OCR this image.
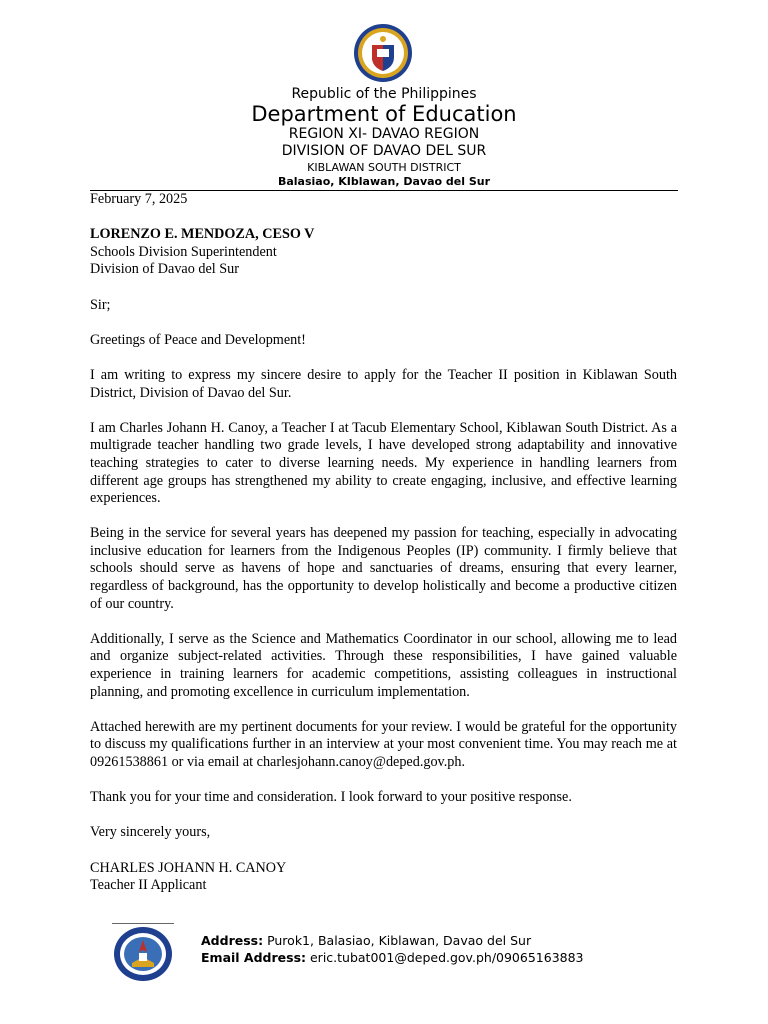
Republic of the Philippines
Department of Education
REGION XI- DAVAO REGION
DIVISION OF DAVAO DEL SUR
KIBLAWAN SOUTH DISTRICT
Balasiao, KIblawan, Davao del Sur

February 7, 2025

LORENZO E. MENDOZA, CESO V

Schools Division Superintendent

Division of Davao del Sur

Sir;

Greetings of Peace and Development!

I am writing to express my sincere desire to apply for the Teacher II position in Kiblawan South District, Division of Davao del Sur.

I am Charles Johann H. Canoy, a Teacher I at Tacub Elementary School, Kiblawan South District. As a multigrade teacher handling two grade levels, I have developed strong adaptability and innovative teaching strategies to cater to diverse learning needs. My experience in handling learners from different age groups has strengthened my ability to create engaging, inclusive, and effective learning experiences.

Being in the service for several years has deepened my passion for teaching, especially in advocating inclusive education for learners from the Indigenous Peoples (IP) community. I firmly believe that schools should serve as havens of hope and sanctuaries of dreams, ensuring that every learner, regardless of background, has the opportunity to develop holistically and become a productive citizen of our country.

Additionally, I serve as the Science and Mathematics Coordinator in our school, allowing me to lead and organize subject-related activities. Through these responsibilities, I have gained valuable experience in training learners for academic competitions, assisting colleagues in instructional planning, and promoting excellence in curriculum implementation.

Attached herewith are my pertinent documents for your review. I would be grateful for the opportunity to discuss my qualifications further in an interview at your most convenient time. You may reach me at 09261538861 or via email at charlesjohann.canoy@deped.gov.ph.

Thank you for your time and consideration. I look forward to your positive response.

Very sincerely yours,

CHARLES JOHANN H. CANOY

Teacher II Applicant

Address: Purok1, Balasiao, Kiblawan, Davao del Sur
Email Address: eric.tubat001@deped.gov.ph/09065163883
